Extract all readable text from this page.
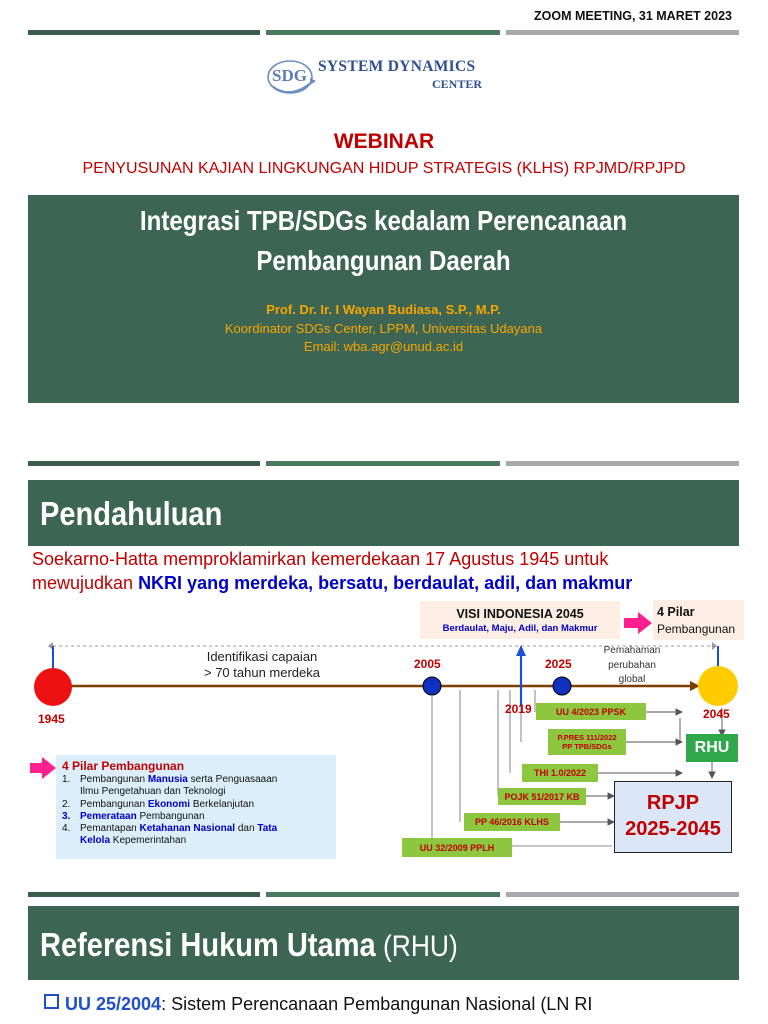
ZOOM MEETING, 31 MARET 2023
SDG SYSTEM DYNAMICS
CENTER
WEBINAR
PENYUSUNAN KAJIAN LINGKUNGAN HIDUP STRATEGIS (KLHS) RPJMD/RPJPD
Integrasi TPB/SDGs kedalam Perencanaan
Pembangunan Daerah
Prof. Dr. Ir. I Wayan Budiasa, S.P., M.P.
Koordinator SDGs Center, LPPM, Universitas Udayana
Email: wba.agr@unud.ac.id
Pendahuluan
Soekarno-Hatta memproklamirkan kemerdekaan 17 Agustus 1945 untuk
mewujudkan NKRI yang merdeka, bersatu, berdaulat, adil, dan makmur
VISI INDONESIA 2045
Berdaulat, Maju, Adil, dan Makmur
4 Pilar
Pembangunan
1945
2005	2025
2019	2045
Identifikasi capaian
> 70 tahun merdeka
Pemahaman
perubahan
global
UU 4/2023 PPSK
P.PRES 111/2022
PP TPB/SDGs
THI 1.0/2022
POJK 51/2017 KB
PP 46/2016 KLHS
UU 32/2009 PPLH
RHU
RPJP
2025-2045
4 Pilar Pembangunan
1. Pembangunan Manusia serta Penguasaaan
Ilmu Pengetahuan dan Teknologi
2. Pembangunan Ekonomi Berkelanjutan
3. Pemerataan Pembangunan
4. Pemantapan Ketahanan Nasional dan Tata
Kelola Kepemerintahan
Referensi Hukum Utama (RHU)
UU 25/2004: Sistem Perencanaan Pembangunan Nasional (LN RI
